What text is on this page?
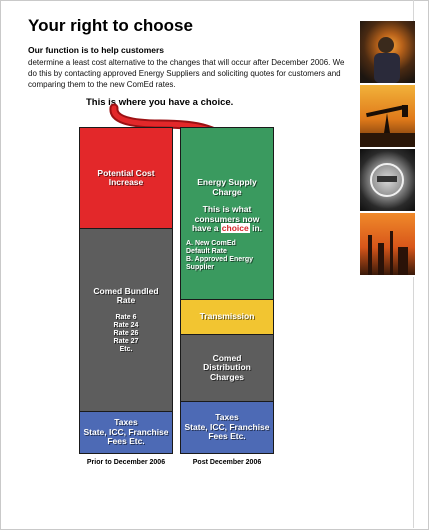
Your right to choose
Our function is to help customers

determine a least cost alternative to the changes that will occur after December 2006. We do this by contacting approved Energy Suppliers and soliciting quotes for customers and comparing them to the new ComEd rates.

This is where you have a choice.
Potential Cost Increase
Comed Bundled Rate
Rate 6
Rate 24
Rate 26
Rate 27
Etc.
Taxes
State, ICC, Franchise Fees Etc.
Energy Supply Charge
This is what consumers now have a choice in.
A. New ComEd Default Rate
B. Approved Energy Supplier
Transmission
Comed Distribution Charges
Taxes
State, ICC, Franchise Fees Etc.
Prior to December 2006	Post December 2006
